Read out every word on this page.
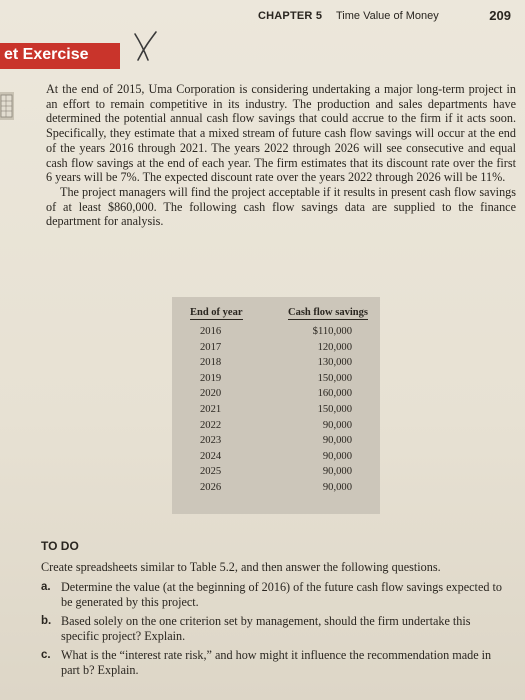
CHAPTER 5 Time Value of Money	209
et Exercise

At the end of 2015, Uma Corporation is considering undertaking a major long-term project in an effort to remain competitive in its industry. The production and sales departments have determined the potential annual cash flow savings that could accrue to the firm if it acts soon. Specifically, they estimate that a mixed stream of future cash flow savings will occur at the end of the years 2016 through 2021. The years 2022 through 2026 will see consecutive and equal cash flow savings at the end of each year. The firm estimates that its discount rate over the first 6 years will be 7%. The expected discount rate over the years 2022 through 2026 will be 11%.

The project managers will find the project acceptable if it results in present cash flow savings of at least $860,000. The following cash flow savings data are supplied to the finance department for analysis.

End of year	Cash flow savings
2016	$110,000
2017	120,000
2018	130,000
2019	150,000
2020	160,000
2021	150,000
2022	90,000
2023	90,000
2024	90,000
2025	90,000
2026	90,000
TO DO
Create spreadsheets similar to Table 5.2, and then answer the following questions.
a. Determine the value (at the beginning of 2016) of the future cash flow savings expected to be generated by this project.
b. Based solely on the one criterion set by management, should the firm undertake this specific project? Explain.
c. What is the “interest rate risk,” and how might it influence the recommendation made in part b? Explain.
